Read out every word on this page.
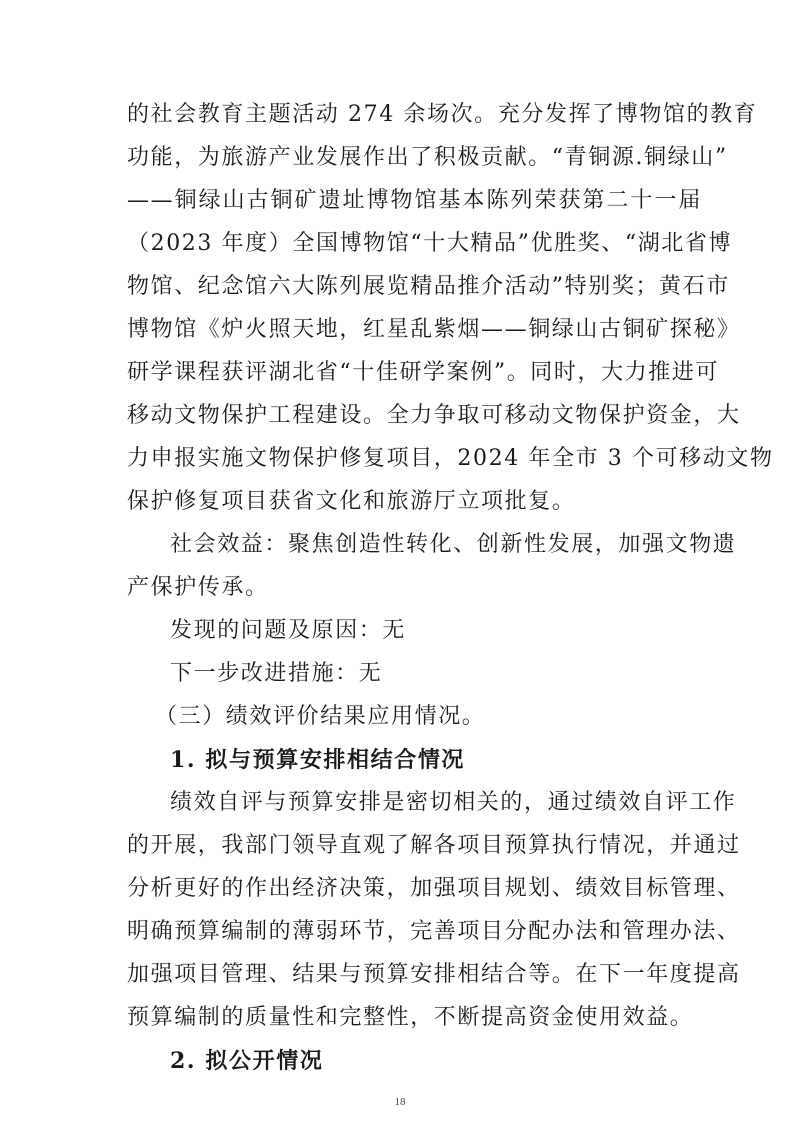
的社会教育主题活动 274 余场次。充分发挥了博物馆的教育
功能，为旅游产业发展作出了积极贡献。“青铜源.铜绿山”
——铜绿山古铜矿遗址博物馆基本陈列荣获第二十一届
（2023 年度）全国博物馆“十大精品”优胜奖、“湖北省博
物馆、纪念馆六大陈列展览精品推介活动”特别奖；黄石市
博物馆《炉火照天地，红星乱紫烟——铜绿山古铜矿探秘》
研学课程获评湖北省“十佳研学案例”。同时，大力推进可
移动文物保护工程建设。全力争取可移动文物保护资金，大
力申报实施文物保护修复项目，2024 年全市 3 个可移动文物
保护修复项目获省文化和旅游厅立项批复。
社会效益：聚焦创造性转化、创新性发展，加强文物遗
产保护传承。
发现的问题及原因：无
下一步改进措施：无
（三）绩效评价结果应用情况。
1. 拟与预算安排相结合情况
绩效自评与预算安排是密切相关的，通过绩效自评工作
的开展，我部门领导直观了解各项目预算执行情况，并通过
分析更好的作出经济决策，加强项目规划、绩效目标管理、
明确预算编制的薄弱环节，完善项目分配办法和管理办法、
加强项目管理、结果与预算安排相结合等。在下一年度提高
预算编制的质量性和完整性，不断提高资金使用效益。
2. 拟公开情况
18
